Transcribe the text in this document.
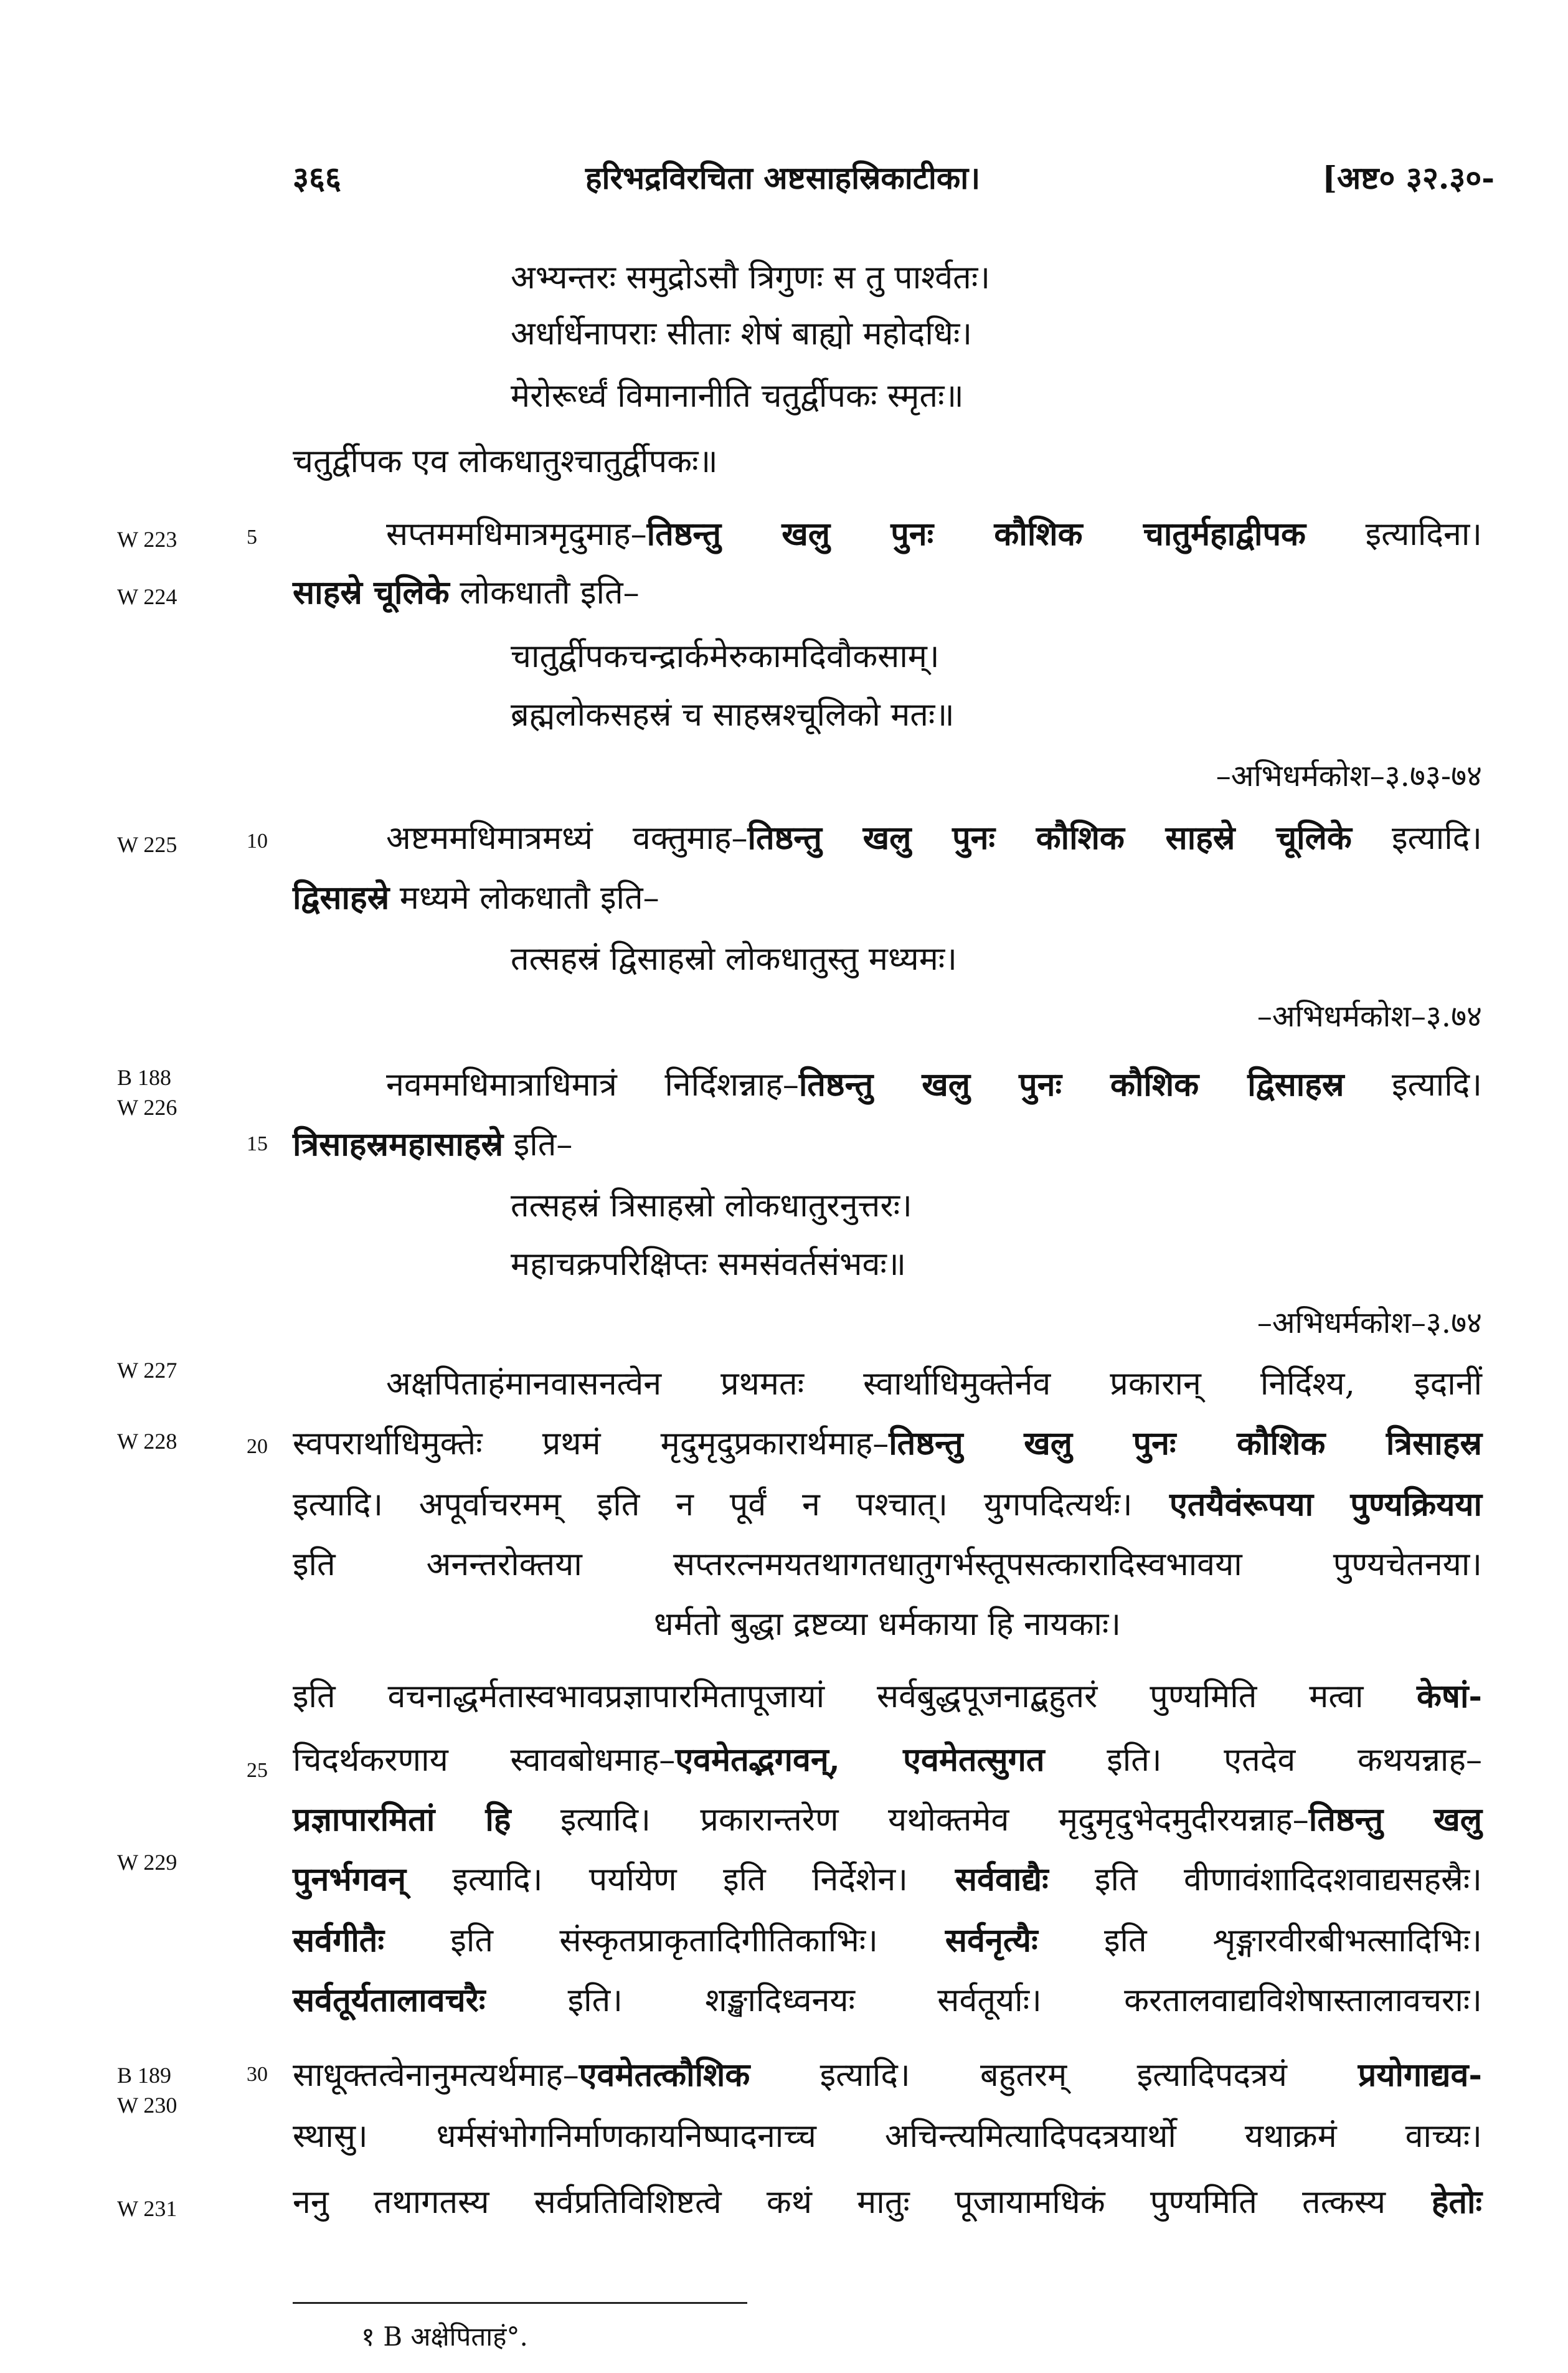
३६६	हरिभद्रविरचिता अष्टसाहस्रिकाटीका।	[अष्ट० ३२.३०-
W 223
W 224
W 225
B 188
W 226
W 227
W 228
W 229
B 189
W 230
W 231
5
10
15
20
25
30
अभ्यन्तरः समुद्रोऽसौ त्रिगुणः स तु पार्श्वतः।
अर्धार्धेनापराः सीताः शेषं बाह्यो महोदधिः।
मेरोरूर्ध्वं विमानानीति चतुर्द्वीपकः स्मृतः॥
चतुर्द्वीपक एव लोकधातुश्चातुर्द्वीपकः॥
सप्तममधिमात्रमृदुमाह–तिष्ठन्तु खलु पुनः कौशिक चातुर्महाद्वीपक इत्यादिना।
साहस्रे चूलिके लोकधातौ इति–
चातुर्द्वीपकचन्द्रार्कमेरुकामदिवौकसाम्।
ब्रह्मलोकसहस्रं च साहस्रश्चूलिको मतः॥
–अभिधर्मकोश–३.७३-७४
अष्टममधिमात्रमध्यं वक्तुमाह–तिष्ठन्तु खलु पुनः कौशिक साहस्रे चूलिके इत्यादि।
द्विसाहस्रे मध्यमे लोकधातौ इति–
तत्सहस्रं द्विसाहस्रो लोकधातुस्तु मध्यमः।
–अभिधर्मकोश–३.७४
नवममधिमात्राधिमात्रं निर्दिशन्नाह–तिष्ठन्तु खलु पुनः कौशिक द्विसाहस्र इत्यादि।
त्रिसाहस्रमहासाहस्रे इति–
तत्सहस्रं त्रिसाहस्रो लोकधातुरनुत्तरः।
महाचक्रपरिक्षिप्तः समसंवर्तसंभवः॥
–अभिधर्मकोश–३.७४
अक्षपिताहंमानवासनत्वेन प्रथमतः स्वार्थाधिमुक्तेर्नव प्रकारान् निर्दिश्य, इदानीं
स्वपरार्थाधिमुक्तेः प्रथमं मृदुमृदुप्रकारार्थमाह–तिष्ठन्तु खलु पुनः कौशिक त्रिसाहस्र
इत्यादि। अपूर्वाचरमम् इति न पूर्वं न पश्चात्। युगपदित्यर्थः। एतयैवंरूपया पुण्यक्रियया
इति अनन्तरोक्तया सप्तरत्नमयतथागतधातुगर्भस्तूपसत्कारादिस्वभावया पुण्यचेतनया।
धर्मतो बुद्धा द्रष्टव्या धर्मकाया हि नायकाः।
इति वचनाद्धर्मतास्वभावप्रज्ञापारमितापूजायां सर्वबुद्धपूजनाद्बहुतरं पुण्यमिति मत्वा केषां-
चिदर्थकरणाय स्वावबोधमाह–एवमेतद्भगवन्, एवमेतत्सुगत इति। एतदेव कथयन्नाह–
प्रज्ञापारमितां हि इत्यादि। प्रकारान्तरेण यथोक्तमेव मृदुमृदुभेदमुदीरयन्नाह–तिष्ठन्तु खलु
पुनर्भगवन् इत्यादि। पर्यायेण इति निर्देशेन। सर्ववाद्यैः इति वीणावंशादिदशवाद्यसहस्रैः।
सर्वगीतैः इति संस्कृतप्राकृतादिगीतिकाभिः। सर्वनृत्यैः इति शृङ्गारवीरबीभत्सादिभिः।
सर्वतूर्यतालावचरैः इति। शङ्खादिध्वनयः सर्वतूर्याः। करतालवाद्यविशेषास्तालावचराः।
साधूक्तत्वेनानुमत्यर्थमाह–एवमेतत्कौशिक इत्यादि। बहुतरम् इत्यादिपदत्रयं प्रयोगाद्यव-
स्थासु। धर्मसंभोगनिर्माणकायनिष्पादनाच्च अचिन्त्यमित्यादिपदत्रयार्थो यथाक्रमं वाच्यः।
ननु तथागतस्य सर्वप्रतिविशिष्टत्वे कथं मातुः पूजायामधिकं पुण्यमिति तत्कस्य हेतोः
१ B अक्षेपिताहं°.
